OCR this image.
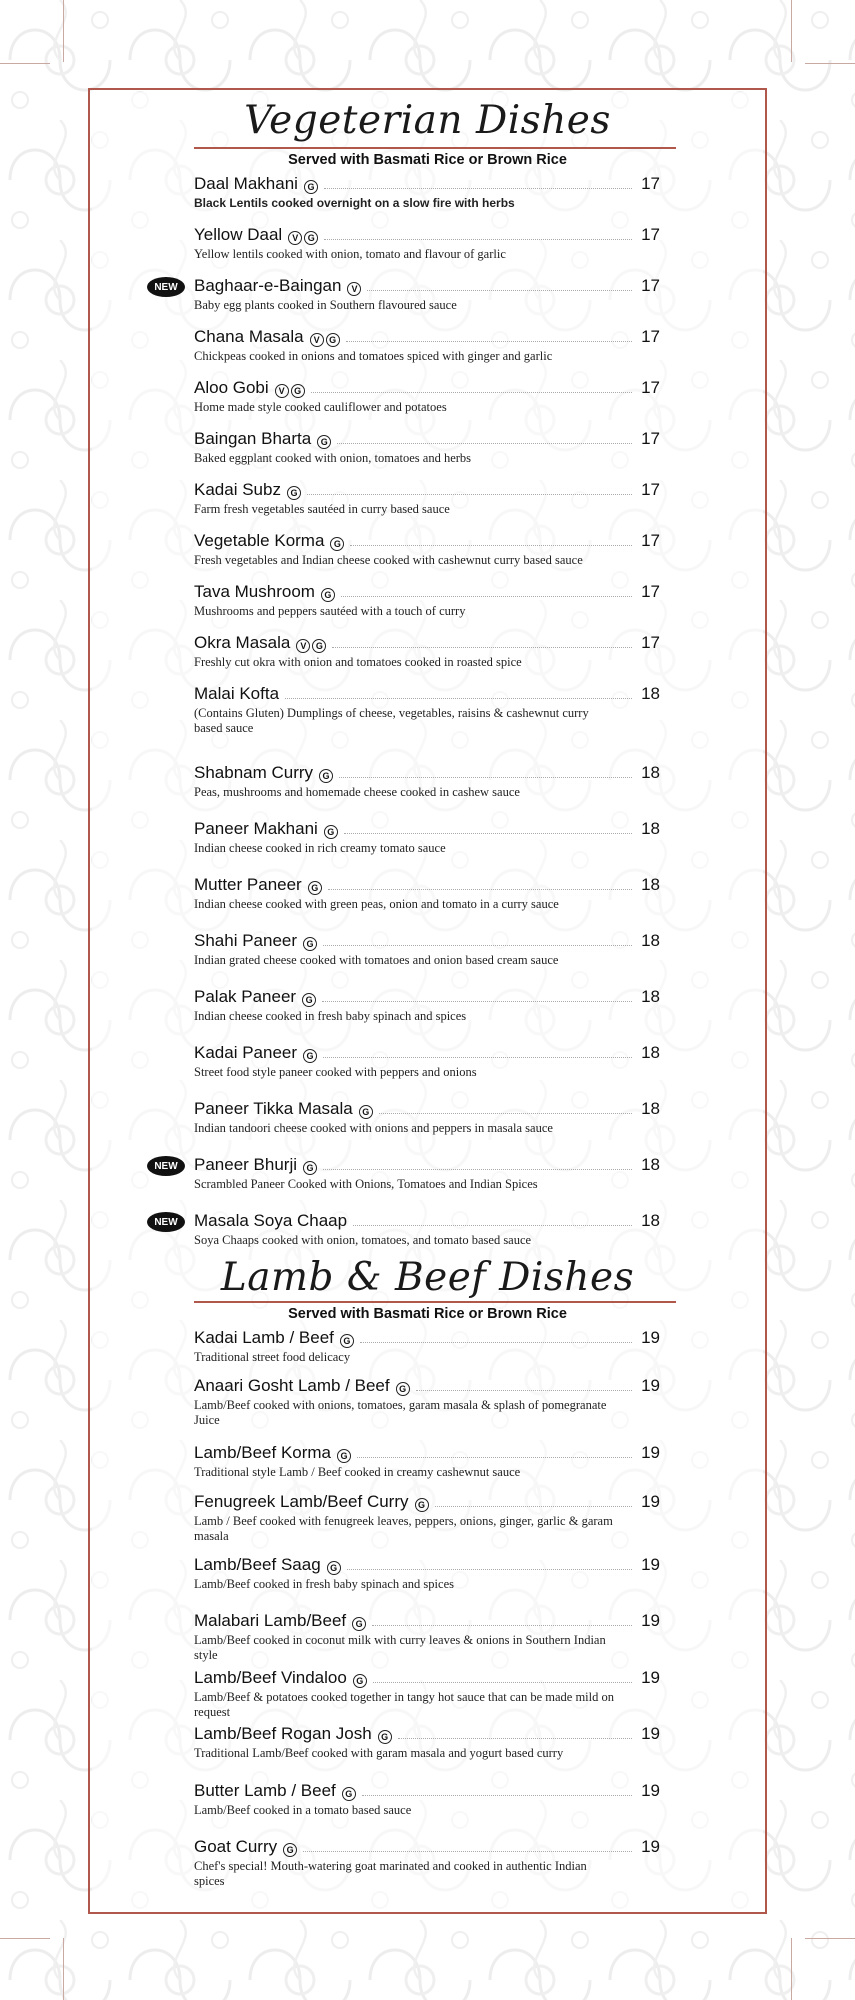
Vegeterian Dishes
Served with Basmati Rice or Brown Rice
Daal Makhani	G	17
Black Lentils cooked overnight on a slow fire with herbs
Yellow Daal	V	G	17
Yellow lentils cooked with onion, tomato and flavour of garlic
Baghaar-e-Baingan	V	17
Baby egg plants cooked in Southern flavoured sauce
NEW
Chana Masala	V	G	17
Chickpeas cooked in onions and tomatoes spiced with ginger and garlic
Aloo Gobi	V	G	17
Home made style cooked cauliflower and potatoes
Baingan Bharta	G	17
Baked eggplant cooked with onion, tomatoes and herbs
Kadai Subz	G	17
Farm fresh vegetables sautéed in curry based sauce
Vegetable Korma	G	17
Fresh vegetables and Indian cheese cooked with cashewnut curry based sauce
Tava Mushroom	G	17
Mushrooms and peppers sautéed with a touch of curry
Okra Masala	V	G	17
Freshly cut okra with onion and tomatoes cooked in roasted spice
Malai Kofta	18
(Contains Gluten) Dumplings of cheese, vegetables, raisins & cashewnut curry based sauce
Shabnam Curry	G	18
Peas, mushrooms and homemade cheese cooked in cashew sauce
Paneer Makhani	G	18
Indian cheese cooked in rich creamy tomato sauce
Mutter Paneer	G	18
Indian cheese cooked with green peas, onion and tomato in a curry sauce
Shahi Paneer	G	18
Indian grated cheese cooked with tomatoes and onion based cream sauce
Palak Paneer	G	18
Indian cheese cooked in fresh baby spinach and spices
Kadai Paneer	G	18
Street food style paneer cooked with peppers and onions
Paneer Tikka Masala	G	18
Indian tandoori cheese cooked with onions and peppers in masala sauce
Paneer Bhurji	G	18
Scrambled Paneer Cooked with Onions, Tomatoes and Indian Spices
NEW
Masala Soya Chaap	18
Soya Chaaps cooked with onion, tomatoes, and tomato based sauce
NEW
Lamb & Beef Dishes
Served with Basmati Rice or Brown Rice
Kadai Lamb / Beef	G	19
Traditional street food delicacy
Anaari Gosht Lamb / Beef	G	19
Lamb/Beef cooked with onions, tomatoes, garam masala & splash of pomegranate Juice
Lamb/Beef Korma	G	19
Traditional style Lamb / Beef cooked in creamy cashewnut sauce
Fenugreek Lamb/Beef Curry	G	19
Lamb / Beef cooked with fenugreek leaves, peppers, onions, ginger, garlic & garam masala
Lamb/Beef Saag	G	19
Lamb/Beef cooked in fresh baby spinach and spices
Malabari Lamb/Beef	G	19
Lamb/Beef cooked in coconut milk with curry leaves & onions in Southern Indian style
Lamb/Beef Vindaloo	G	19
Lamb/Beef & potatoes cooked together in tangy hot sauce that can be made mild on request
Lamb/Beef Rogan Josh	G	19
Traditional Lamb/Beef cooked with garam masala and yogurt based curry
Butter Lamb / Beef	G	19
Lamb/Beef cooked in a tomato based sauce
Goat Curry	G	19
Chef's special! Mouth-watering goat marinated and cooked in authentic Indian spices
